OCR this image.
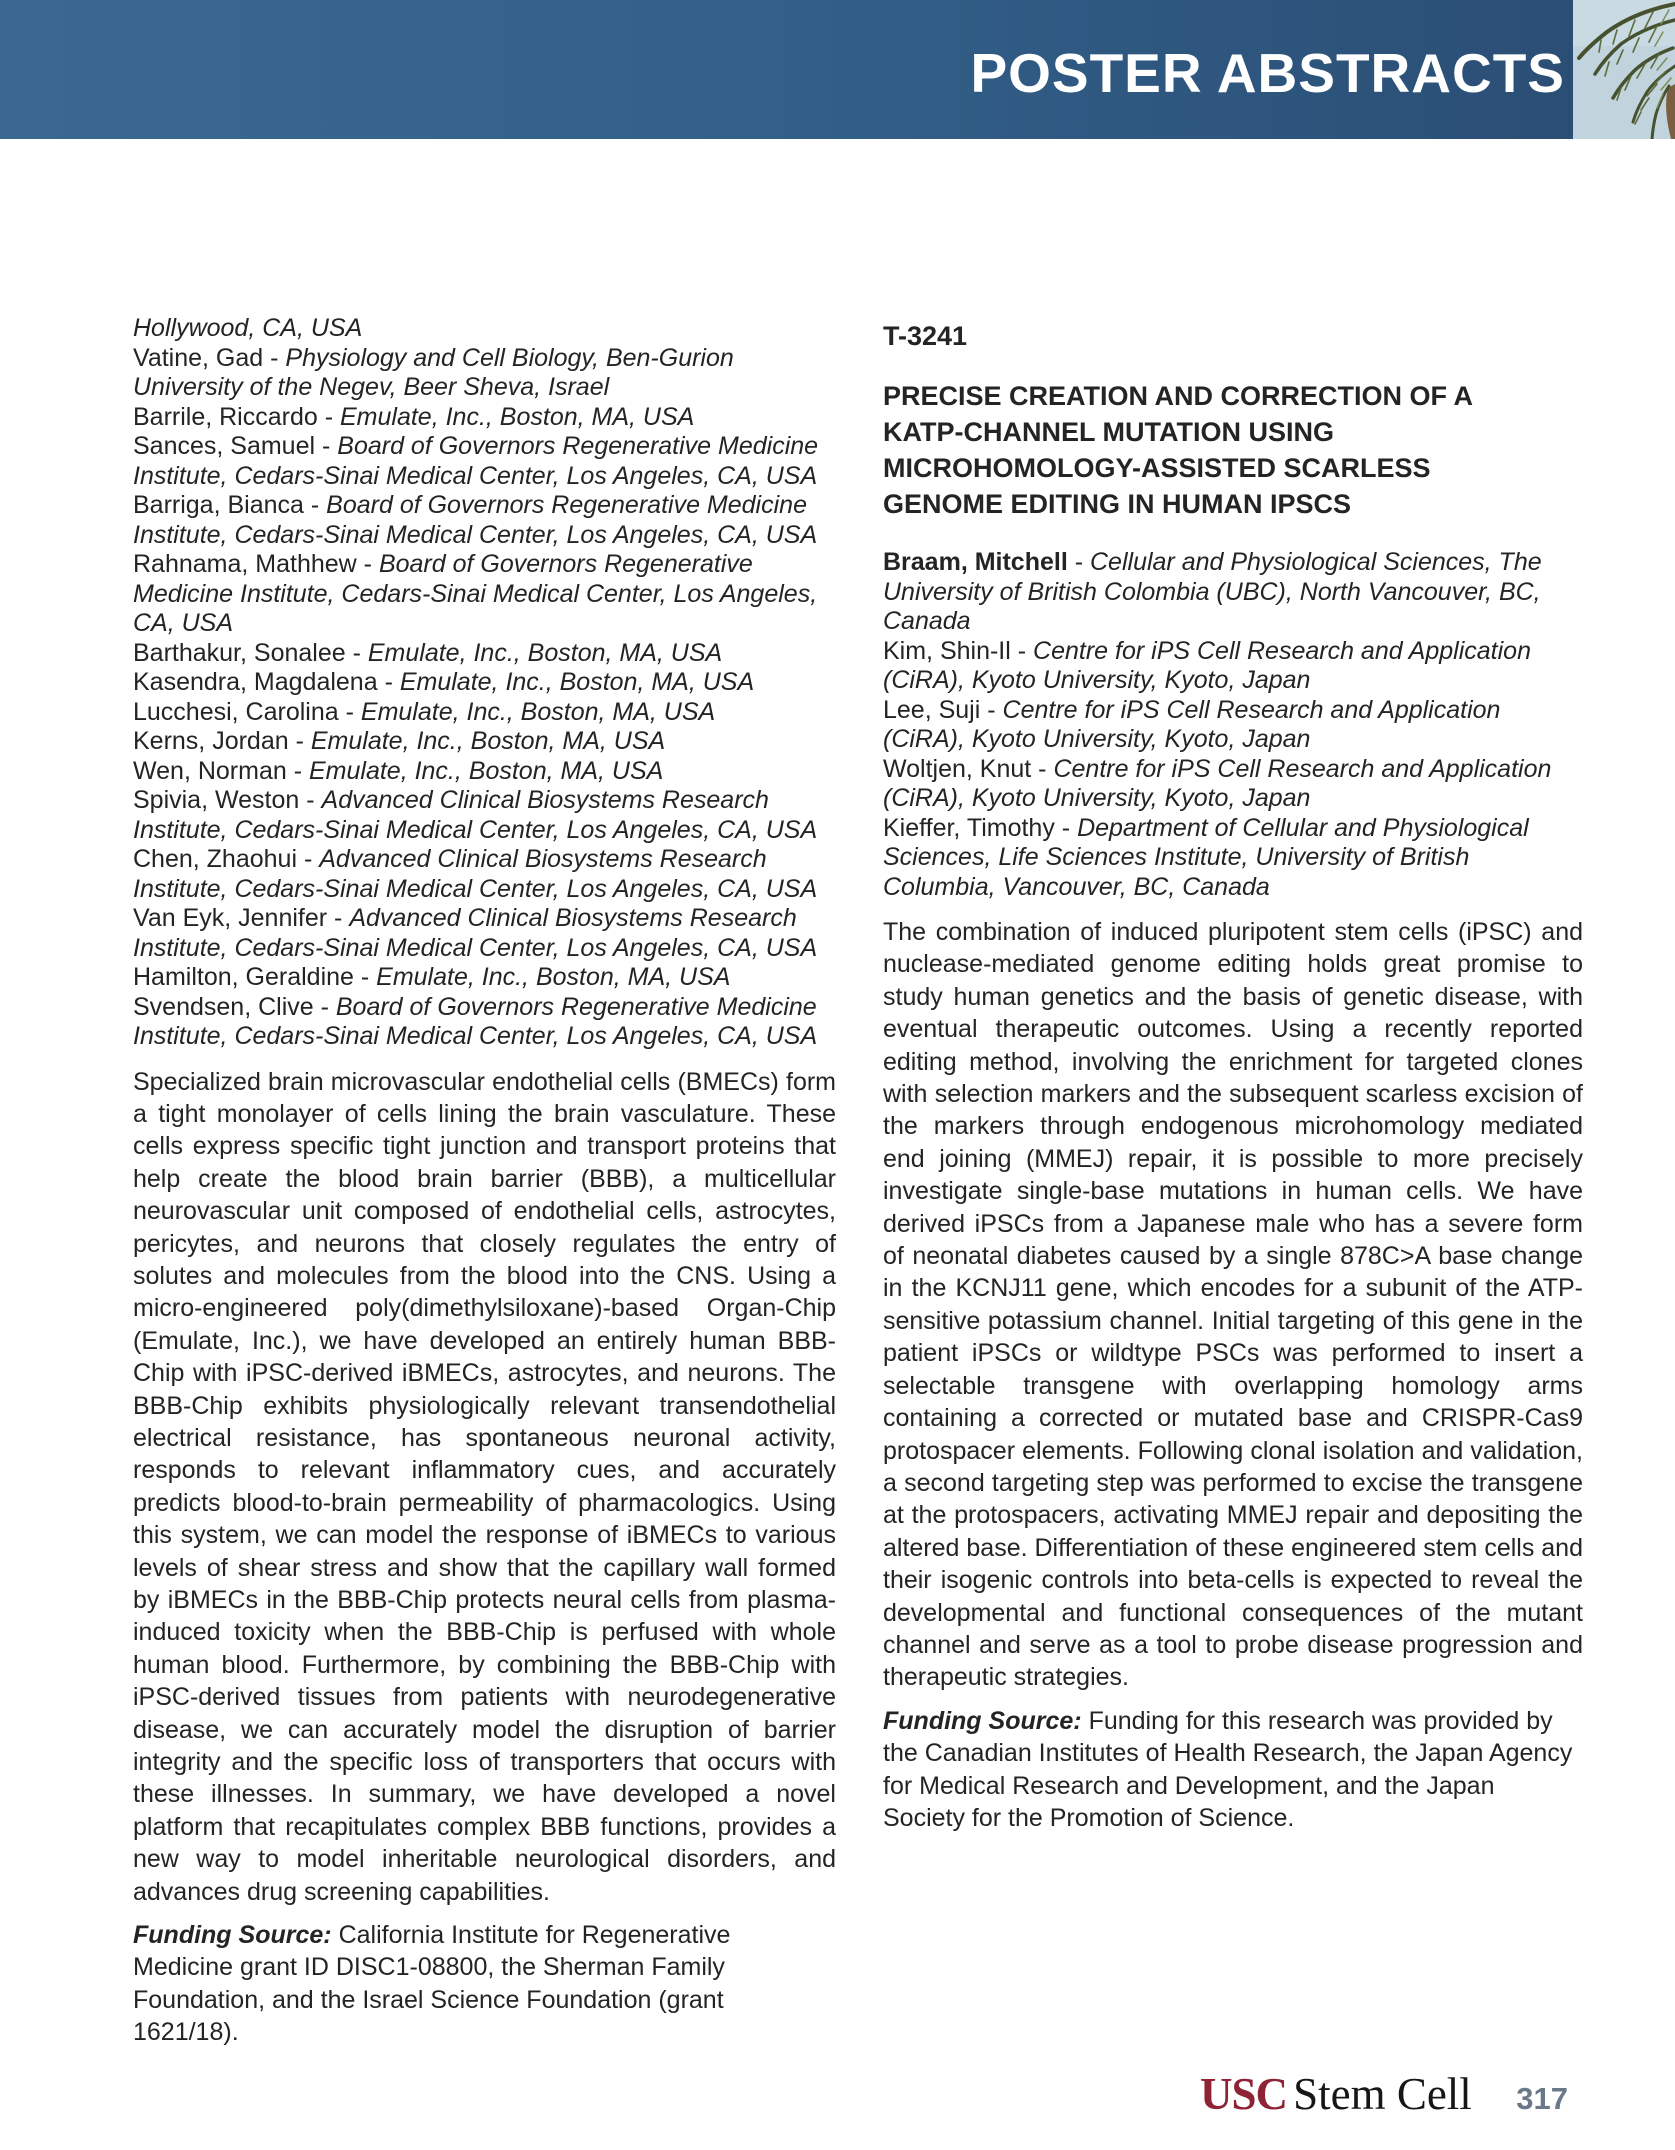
POSTER ABSTRACTS
Hollywood, CA, USA
Vatine, Gad - Physiology and Cell Biology, Ben-Gurion University of the Negev, Beer Sheva, Israel
Barrile, Riccardo - Emulate, Inc., Boston, MA, USA
Sances, Samuel - Board of Governors Regenerative Medicine Institute, Cedars-Sinai Medical Center, Los Angeles, CA, USA
Barriga, Bianca - Board of Governors Regenerative Medicine Institute, Cedars-Sinai Medical Center, Los Angeles, CA, USA
Rahnama, Mathhew - Board of Governors Regenerative Medicine Institute, Cedars-Sinai Medical Center, Los Angeles, CA, USA
Barthakur, Sonalee - Emulate, Inc., Boston, MA, USA
Kasendra, Magdalena - Emulate, Inc., Boston, MA, USA
Lucchesi, Carolina - Emulate, Inc., Boston, MA, USA
Kerns, Jordan - Emulate, Inc., Boston, MA, USA
Wen, Norman - Emulate, Inc., Boston, MA, USA
Spivia, Weston - Advanced Clinical Biosystems Research Institute, Cedars-Sinai Medical Center, Los Angeles, CA, USA
Chen, Zhaohui - Advanced Clinical Biosystems Research Institute, Cedars-Sinai Medical Center, Los Angeles, CA, USA
Van Eyk, Jennifer - Advanced Clinical Biosystems Research Institute, Cedars-Sinai Medical Center, Los Angeles, CA, USA
Hamilton, Geraldine - Emulate, Inc., Boston, MA, USA
Svendsen, Clive - Board of Governors Regenerative Medicine Institute, Cedars-Sinai Medical Center, Los Angeles, CA, USA

Specialized brain microvascular endothelial cells (BMECs) form a tight monolayer of cells lining the brain vasculature. These cells express specific tight junction and transport proteins that help create the blood brain barrier (BBB), a multicellular neurovascular unit composed of endothelial cells, astrocytes, pericytes, and neurons that closely regulates the entry of solutes and molecules from the blood into the CNS. Using a micro-engineered poly(dimethylsiloxane)-based Organ-Chip (Emulate, Inc.), we have developed an entirely human BBB-Chip with iPSC-derived iBMECs, astrocytes, and neurons. The BBB-Chip exhibits physiologically relevant transendothelial electrical resistance, has spontaneous neuronal activity, responds to relevant inflammatory cues, and accurately predicts blood-to-brain permeability of pharmacologics. Using this system, we can model the response of iBMECs to various levels of shear stress and show that the capillary wall formed by iBMECs in the BBB-Chip protects neural cells from plasma-induced toxicity when the BBB-Chip is perfused with whole human blood. Furthermore, by combining the BBB-Chip with iPSC-derived tissues from patients with neurodegenerative disease, we can accurately model the disruption of barrier integrity and the specific loss of transporters that occurs with these illnesses. In summary, we have developed a novel platform that recapitulates complex BBB functions, provides a new way to model inheritable neurological disorders, and advances drug screening capabilities.

Funding Source: California Institute for Regenerative Medicine grant ID DISC1-08800, the Sherman Family Foundation, and the Israel Science Foundation (grant 1621/18).

T-3241
PRECISE CREATION AND CORRECTION OF A KATP-CHANNEL MUTATION USING MICROHOMOLOGY-ASSISTED SCARLESS GENOME EDITING IN HUMAN IPSCS
Braam, Mitchell - Cellular and Physiological Sciences, The University of British Colombia (UBC), North Vancouver, BC, Canada
Kim, Shin-Il - Centre for iPS Cell Research and Application (CiRA), Kyoto University, Kyoto, Japan
Lee, Suji - Centre for iPS Cell Research and Application (CiRA), Kyoto University, Kyoto, Japan
Woltjen, Knut - Centre for iPS Cell Research and Application (CiRA), Kyoto University, Kyoto, Japan
Kieffer, Timothy - Department of Cellular and Physiological Sciences, Life Sciences Institute, University of British Columbia, Vancouver, BC, Canada

The combination of induced pluripotent stem cells (iPSC) and nuclease-mediated genome editing holds great promise to study human genetics and the basis of genetic disease, with eventual therapeutic outcomes. Using a recently reported editing method, involving the enrichment for targeted clones with selection markers and the subsequent scarless excision of the markers through endogenous microhomology mediated end joining (MMEJ) repair, it is possible to more precisely investigate single-base mutations in human cells. We have derived iPSCs from a Japanese male who has a severe form of neonatal diabetes caused by a single 878C>A base change in the KCNJ11 gene, which encodes for a subunit of the ATP-sensitive potassium channel. Initial targeting of this gene in the patient iPSCs or wildtype PSCs was performed to insert a selectable transgene with overlapping homology arms containing a corrected or mutated base and CRISPR-Cas9 protospacer elements. Following clonal isolation and validation, a second targeting step was performed to excise the transgene at the protospacers, activating MMEJ repair and depositing the altered base. Differentiation of these engineered stem cells and their isogenic controls into beta-cells is expected to reveal the developmental and functional consequences of the mutant channel and serve as a tool to probe disease progression and therapeutic strategies.

Funding Source: Funding for this research was provided by the Canadian Institutes of Health Research, the Japan Agency for Medical Research and Development, and the Japan Society for the Promotion of Science.

USC Stem Cell 317
